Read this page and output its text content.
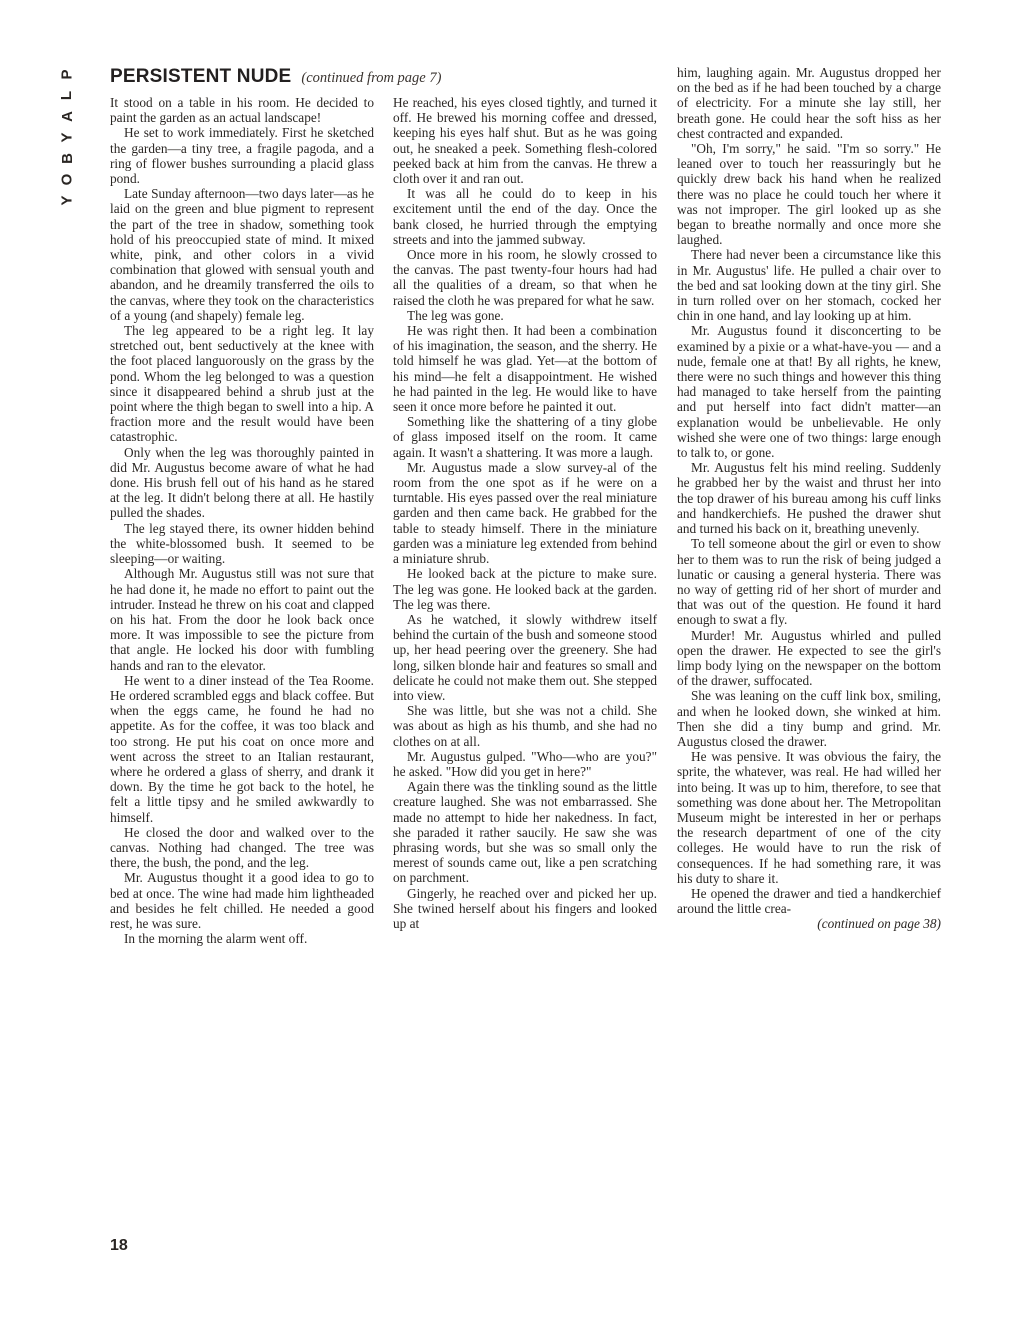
P
L
A
Y
B
O
Y
PERSISTENT NUDE (continued from page 7)

It stood on a table in his room. He decided to paint the garden as an actual landscape!

He set to work immediately. First he sketched the garden—a tiny tree, a fragile pagoda, and a ring of flower bushes surrounding a placid glass pond.

Late Sunday afternoon—two days later—as he laid on the green and blue pigment to represent the part of the tree in shadow, something took hold of his preoccupied state of mind. It mixed white, pink, and other colors in a vivid combination that glowed with sensual youth and abandon, and he dreamily transferred the oils to the canvas, where they took on the characteristics of a young (and shapely) female leg.

The leg appeared to be a right leg. It lay stretched out, bent seductively at the knee with the foot placed languorously on the grass by the pond. Whom the leg belonged to was a question since it disappeared behind a shrub just at the point where the thigh began to swell into a hip. A fraction more and the result would have been catastrophic.

Only when the leg was thoroughly painted in did Mr. Augustus become aware of what he had done. His brush fell out of his hand as he stared at the leg. It didn't belong there at all. He hastily pulled the shades.

The leg stayed there, its owner hidden behind the white-blossomed bush. It seemed to be sleeping—or waiting.

Although Mr. Augustus still was not sure that he had done it, he made no effort to paint out the intruder. Instead he threw on his coat and clapped on his hat. From the door he look back once more. It was impossible to see the picture from that angle. He locked his door with fumbling hands and ran to the elevator.

He went to a diner instead of the Tea Roome. He ordered scrambled eggs and black coffee. But when the eggs came, he found he had no appetite. As for the coffee, it was too black and too strong. He put his coat on once more and went across the street to an Italian restaurant, where he ordered a glass of sherry, and drank it down. By the time he got back to the hotel, he felt a little tipsy and he smiled awkwardly to himself.

He closed the door and walked over to the canvas. Nothing had changed. The tree was there, the bush, the pond, and the leg.

Mr. Augustus thought it a good idea to go to bed at once. The wine had made him lightheaded and besides he felt chilled. He needed a good rest, he was sure.

In the morning the alarm went off.

He reached, his eyes closed tightly, and turned it off. He brewed his morning coffee and dressed, keeping his eyes half shut. But as he was going out, he sneaked a peek. Something flesh-colored peeked back at him from the canvas. He threw a cloth over it and ran out.

It was all he could do to keep in his excitement until the end of the day. Once the bank closed, he hurried through the emptying streets and into the jammed subway.

Once more in his room, he slowly crossed to the canvas. The past twenty-four hours had had all the qualities of a dream, so that when he raised the cloth he was prepared for what he saw.

The leg was gone.

He was right then. It had been a combination of his imagination, the season, and the sherry. He told himself he was glad. Yet—at the bottom of his mind—he felt a disappointment. He wished he had painted in the leg. He would like to have seen it once more before he painted it out.

Something like the shattering of a tiny globe of glass imposed itself on the room. It came again. It wasn't a shattering. It was more a laugh.

Mr. Augustus made a slow survey-al of the room from the one spot as if he were on a turntable. His eyes passed over the real miniature garden and then came back. He grabbed for the table to steady himself. There in the miniature garden was a miniature leg extended from behind a miniature shrub.

He looked back at the picture to make sure. The leg was gone. He looked back at the garden. The leg was there.

As he watched, it slowly withdrew itself behind the curtain of the bush and someone stood up, her head peering over the greenery. She had long, silken blonde hair and features so small and delicate he could not make them out. She stepped into view.

She was little, but she was not a child. She was about as high as his thumb, and she had no clothes on at all.

Mr. Augustus gulped. "Who—who are you?" he asked. "How did you get in here?"

Again there was the tinkling sound as the little creature laughed. She was not embarrassed. She made no attempt to hide her nakedness. In fact, she paraded it rather saucily. He saw she was phrasing words, but she was so small only the merest of sounds came out, like a pen scratching on parchment.

Gingerly, he reached over and picked her up. She twined herself about his fingers and looked up at

him, laughing again. Mr. Augustus dropped her on the bed as if he had been touched by a charge of electricity. For a minute she lay still, her breath gone. He could hear the soft hiss as her chest contracted and expanded.

"Oh, I'm sorry," he said. "I'm so sorry." He leaned over to touch her reassuringly but he quickly drew back his hand when he realized there was no place he could touch her where it was not improper. The girl looked up as she began to breathe normally and once more she laughed.

There had never been a circumstance like this in Mr. Augustus' life. He pulled a chair over to the bed and sat looking down at the tiny girl. She in turn rolled over on her stomach, cocked her chin in one hand, and lay looking up at him.

Mr. Augustus found it disconcerting to be examined by a pixie or a what-have-you — and a nude, female one at that! By all rights, he knew, there were no such things and however this thing had managed to take herself from the painting and put herself into fact didn't matter—an explanation would be unbelievable. He only wished she were one of two things: large enough to talk to, or gone.

Mr. Augustus felt his mind reeling. Suddenly he grabbed her by the waist and thrust her into the top drawer of his bureau among his cuff links and handkerchiefs. He pushed the drawer shut and turned his back on it, breathing unevenly.

To tell someone about the girl or even to show her to them was to run the risk of being judged a lunatic or causing a general hysteria. There was no way of getting rid of her short of murder and that was out of the question. He found it hard enough to swat a fly.

Murder! Mr. Augustus whirled and pulled open the drawer. He expected to see the girl's limp body lying on the newspaper on the bottom of the drawer, suffocated.

She was leaning on the cuff link box, smiling, and when he looked down, she winked at him. Then she did a tiny bump and grind. Mr. Augustus closed the drawer.

He was pensive. It was obvious the fairy, the sprite, the whatever, was real. He had willed her into being. It was up to him, therefore, to see that something was done about her. The Metropolitan Museum might be interested in her or perhaps the research department of one of the city colleges. He would have to run the risk of consequences. If he had something rare, it was his duty to share it.

He opened the drawer and tied a handkerchief around the little crea-

(continued on page 38)
18
